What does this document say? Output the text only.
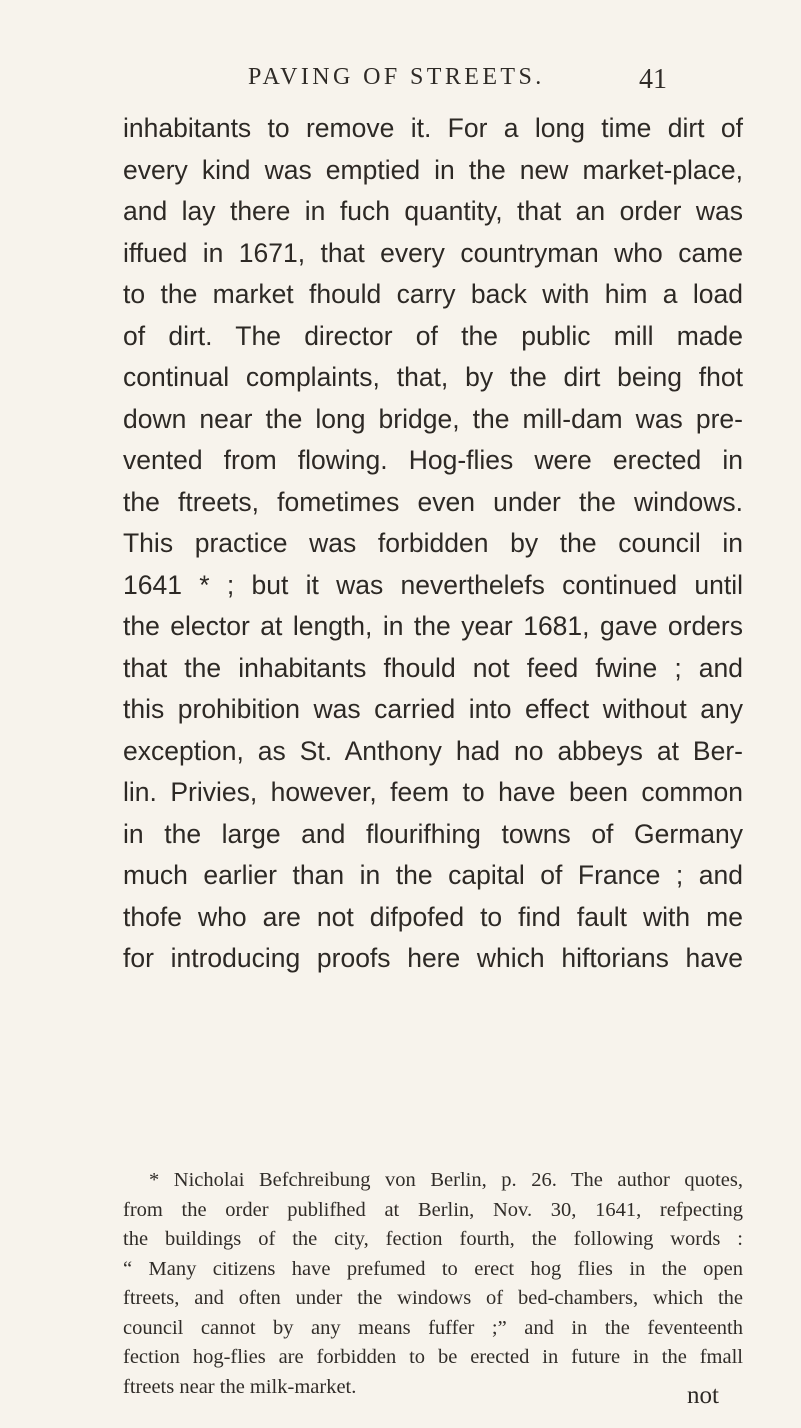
PAVING OF STREETS.	41
inhabitants to remove it. For a long time dirt of
every kind was emptied in the new market-place,
and lay there in fuch quantity, that an order was
iffued in 1671, that every countryman who came
to the market fhould carry back with him a load
of dirt. The director of the public mill made
continual complaints, that, by the dirt being fhot
down near the long bridge, the mill-dam was pre-
vented from flowing. Hog-flies were erected in
the ftreets, fometimes even under the windows.
This practice was forbidden by the council in
1641 * ; but it was neverthelefs continued until
the elector at length, in the year 1681, gave orders
that the inhabitants fhould not feed fwine ; and
this prohibition was carried into effect without any
exception, as St. Anthony had no abbeys at Ber-
lin. Privies, however, feem to have been common
in the large and flourifhing towns of Germany
much earlier than in the capital of France ; and
thofe who are not difpofed to find fault with me
for introducing proofs here which hiftorians have
* Nicholai Befchreibung von Berlin, p. 26. The author quotes,
from the order publifhed at Berlin, Nov. 30, 1641, refpecting
the buildings of the city, fection fourth, the following words :
“ Many citizens have prefumed to erect hog flies in the open
ftreets, and often under the windows of bed-chambers, which the
council cannot by any means fuffer ;” and in the feventeenth
fection hog-flies are forbidden to be erected in future in the fmall
ftreets near the milk-market.	not
